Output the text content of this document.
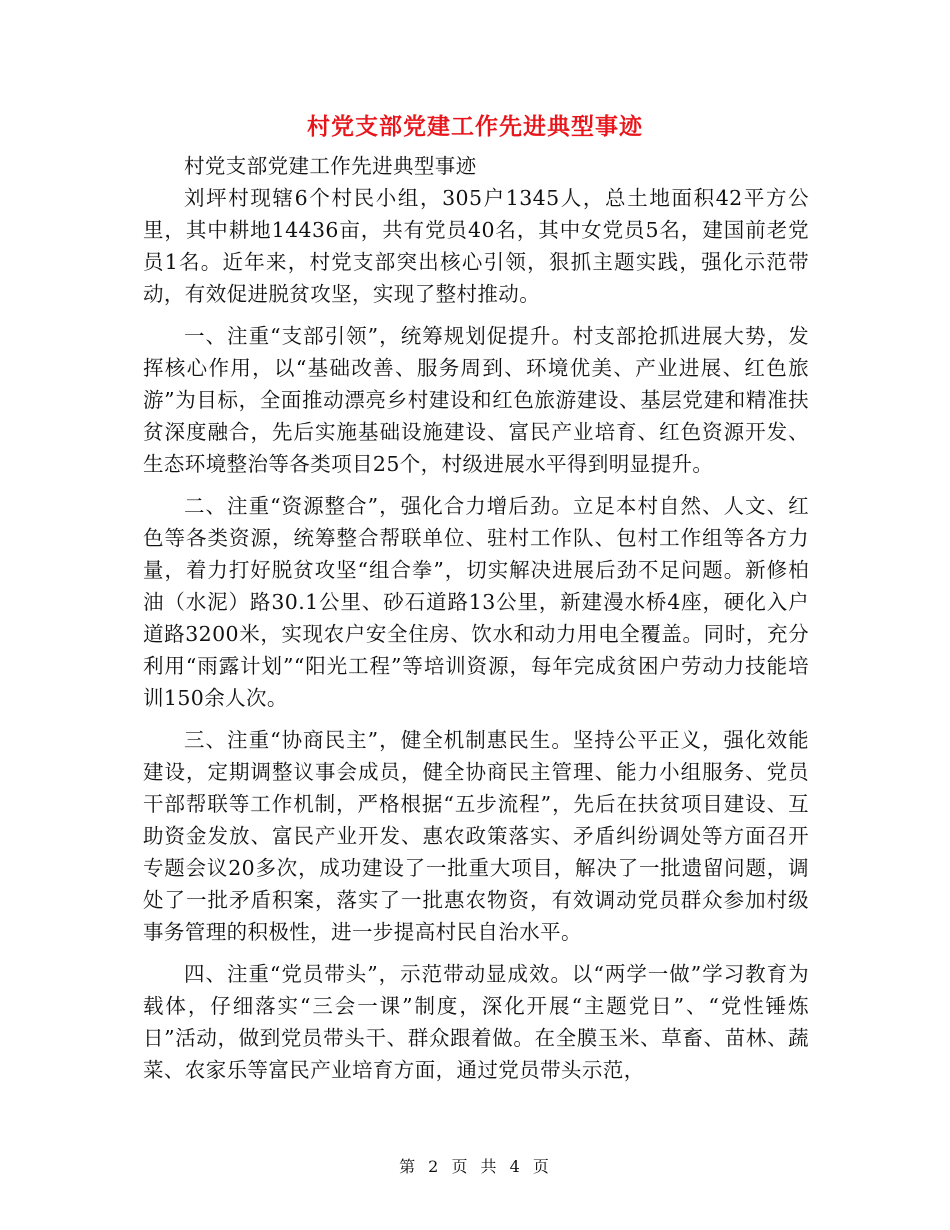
村党支部党建工作先进典型事迹

村党支部党建工作先进典型事迹

刘坪村现辖6个村民小组，305户1345人，总土地面积42平方公里，其中耕地14436亩，共有党员40名，其中女党员5名，建国前老党员1名。近年来，村党支部突出核心引领，狠抓主题实践，强化示范带动，有效促进脱贫攻坚，实现了整村推动。

一、注重“支部引领”，统筹规划促提升。村支部抢抓进展大势，发挥核心作用，以“基础改善、服务周到、环境优美、产业进展、红色旅游”为目标，全面推动漂亮乡村建设和红色旅游建设、基层党建和精准扶贫深度融合，先后实施基础设施建设、富民产业培育、红色资源开发、生态环境整治等各类项目25个，村级进展水平得到明显提升。

二、注重“资源整合”，强化合力增后劲。立足本村自然、人文、红色等各类资源，统筹整合帮联单位、驻村工作队、包村工作组等各方力量，着力打好脱贫攻坚“组合拳”，切实解决进展后劲不足问题。新修柏油（水泥）路30.1公里、砂石道路13公里，新建漫水桥4座，硬化入户道路3200米，实现农户安全住房、饮水和动力用电全覆盖。同时，充分利用“雨露计划”“阳光工程”等培训资源，每年完成贫困户劳动力技能培训150余人次。

三、注重“协商民主”，健全机制惠民生。坚持公平正义，强化效能建设，定期调整议事会成员，健全协商民主管理、能力小组服务、党员干部帮联等工作机制，严格根据“五步流程”，先后在扶贫项目建设、互助资金发放、富民产业开发、惠农政策落实、矛盾纠纷调处等方面召开专题会议20多次，成功建设了一批重大项目，解决了一批遗留问题，调处了一批矛盾积案，落实了一批惠农物资，有效调动党员群众参加村级事务管理的积极性，进一步提高村民自治水平。

四、注重“党员带头”，示范带动显成效。以“两学一做”学习教育为载体，仔细落实“三会一课”制度，深化开展“主题党日”、“党性锤炼日”活动，做到党员带头干、群众跟着做。在全膜玉米、草畜、苗林、蔬菜、农家乐等富民产业培育方面，通过党员带头示范，

第 2 页 共 4 页
